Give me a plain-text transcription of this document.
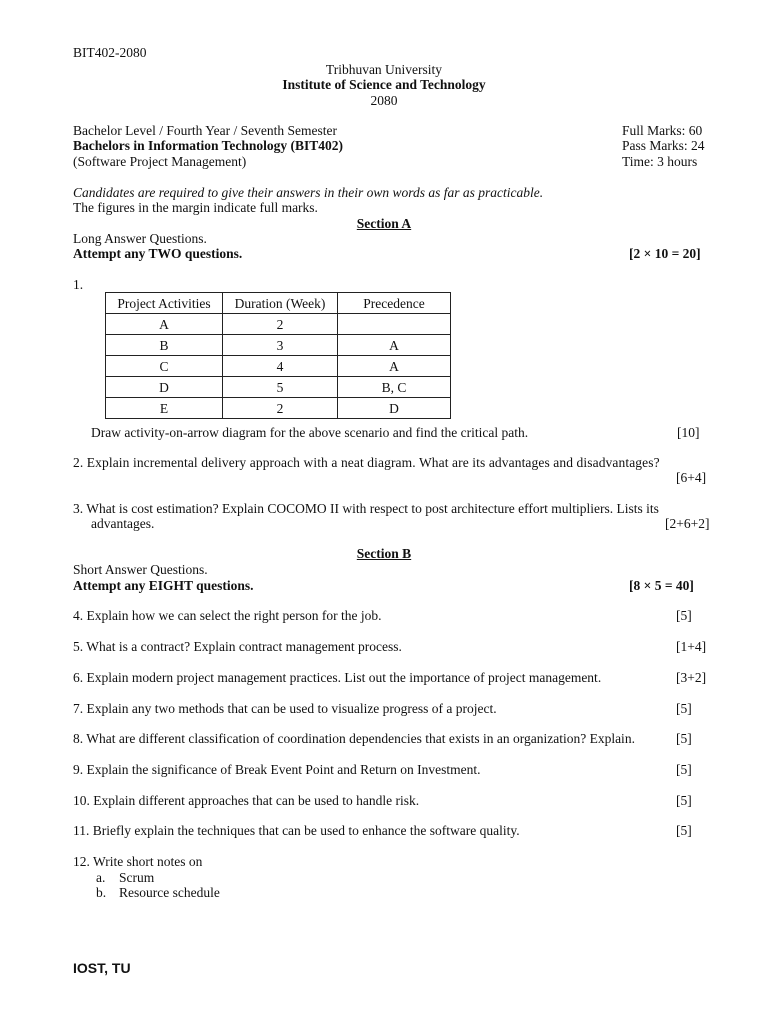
BIT402-2080
Tribhuvan University
Institute of Science and Technology
2080
Bachelor Level / Fourth Year / Seventh Semester
Bachelors in Information Technology (BIT402)
(Software Project Management)
Full Marks: 60
Pass Marks: 24
Time: 3 hours
Candidates are required to give their answers in their own words as far as practicable.
The figures in the margin indicate full marks.
Section A
Long Answer Questions.
Attempt any TWO questions.	[2 × 10 = 20]
1.
Project Activities	Duration (Week)	Precedence
A	2	
B	3	A
C	4	A
D	5	B, C
E	2	D
Draw activity-on-arrow diagram for the above scenario and find the critical path.	[10]
2. Explain incremental delivery approach with a neat diagram. What are its advantages and disadvantages?
[6+4]
3. What is cost estimation? Explain COCOMO II with respect to post architecture effort multipliers. Lists its
advantages.	[2+6+2]
Section B
Short Answer Questions.
Attempt any EIGHT questions.	[8 × 5 = 40]
4. Explain how we can select the right person for the job.	[5]
5. What is a contract? Explain contract management process.	[1+4]
6. Explain modern project management practices. List out the importance of project management.	[3+2]
7. Explain any two methods that can be used to visualize progress of a project.	[5]
8. What are different classification of coordination dependencies that exists in an organization? Explain.	[5]
9. Explain the significance of Break Event Point and Return on Investment.	[5]
10. Explain different approaches that can be used to handle risk.	[5]
11. Briefly explain the techniques that can be used to enhance the software quality.	[5]
12. Write short notes on
a. Scrum
b. Resource schedule
IOST, TU
